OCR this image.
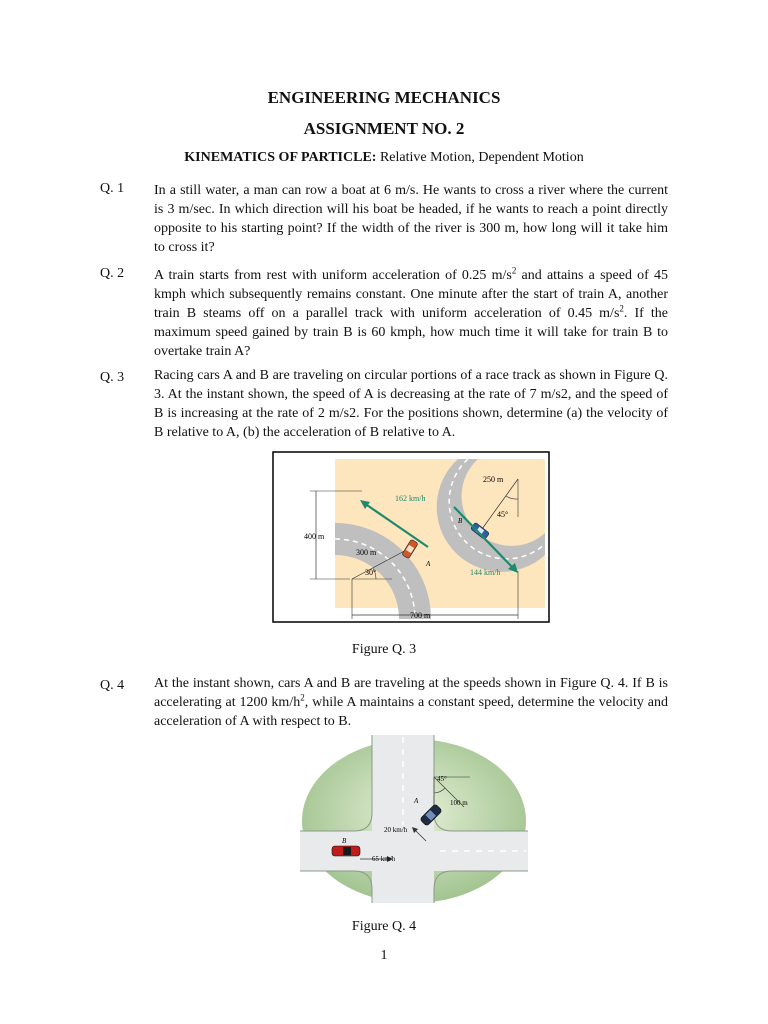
ENGINEERING MECHANICS
ASSIGNMENT NO. 2
KINEMATICS OF PARTICLE: Relative Motion, Dependent Motion
Q. 1 In a still water, a man can row a boat at 6 m/s. He wants to cross a river where the current is 3 m/sec. In which direction will his boat be headed, if he wants to reach a point directly opposite to his starting point? If the width of the river is 300 m, how long will it take him to cross it?
Q. 2 A train starts from rest with uniform acceleration of 0.25 $m/s^2$ and attains a speed of 45 kmph which subsequently remains constant. One minute after the start of train A, another train B steams off on a parallel track with uniform acceleration of 0.45 $m/s^2$. If the maximum speed gained by train B is 60 kmph, how much time it will take for train B to overtake train A?
Q. 3 Racing cars A and B are traveling on circular portions of a race track as shown in Figure Q. 3. At the instant shown, the speed of A is decreasing at the rate of 7 m/s2, and the speed of B is increasing at the rate of 2 m/s2. For the positions shown, determine (a) the velocity of B relative to A, (b) the acceleration of B relative to A.
162 km/h
144 km/h
400 m
300 m
250 m
700 m
30°
45°
A
B
Figure Q. 3
Q. 4 At the instant shown, cars A and B are traveling at the speeds shown in Figure Q. 4. If B is accelerating at 1200 $km/h^2$, while A maintains a constant speed, determine the velocity and acceleration of A with respect to B.
45°
100 m
20 km/h
65 km/h
A
B
Figure Q. 4
1
